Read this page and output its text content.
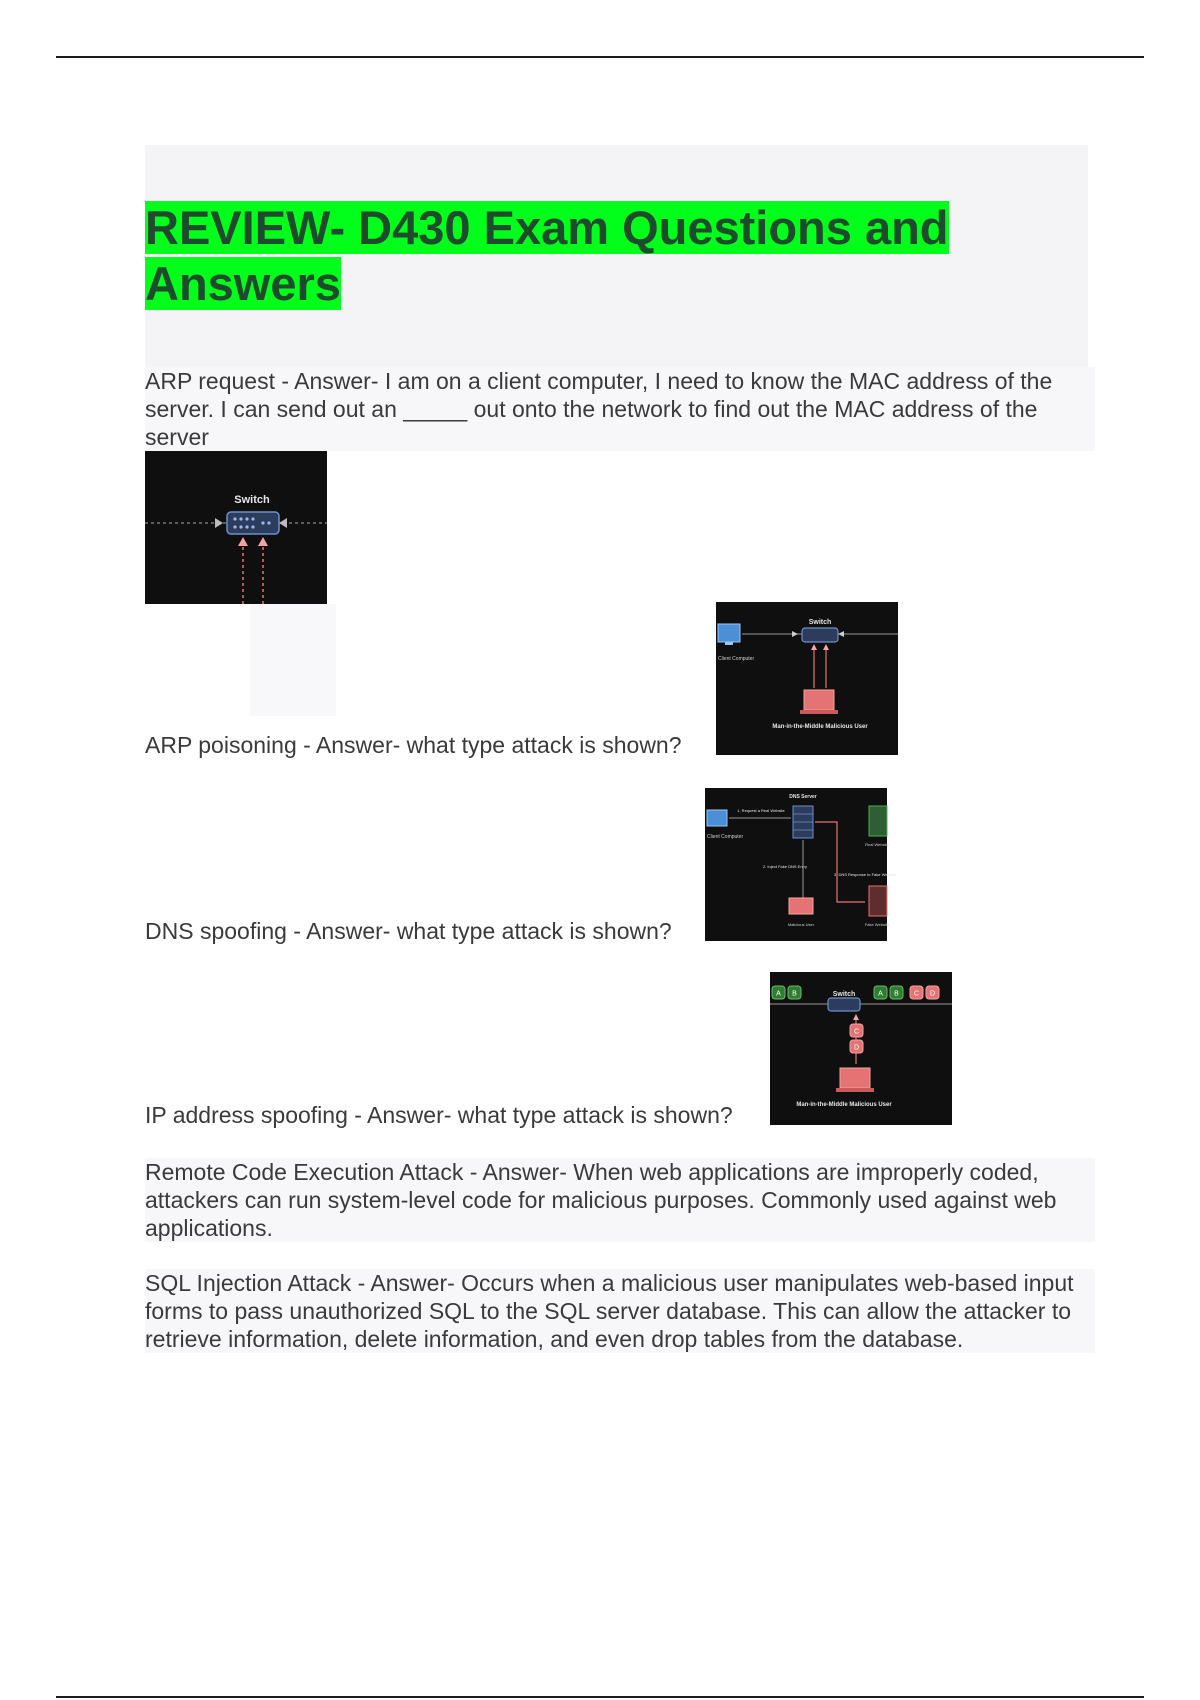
REVIEW- D430 Exam Questions and Answers

ARP request - Answer- I am on a client computer, I need to know the MAC address of the server. I can send out an _____ out onto the network to find out the MAC address of the server

Switch

ARP poisoning - Answer- what type attack is shown?

Client Computer
Switch
Man-in-the-Middle Malicious User

DNS spoofing - Answer- what type attack is shown?

Client Computer
DNS Server
1. Request a Real Website
2. Inject Fake DNS Entry
3. DNS Response to Fake Website
Real Website
Fake Website
Malicious User

IP address spoofing - Answer- what type attack is shown?

Switch
Man-in-the-Middle Malicious User
A B	A B C D
C
D

Remote Code Execution Attack - Answer- When web applications are improperly coded, attackers can run system-level code for malicious purposes. Commonly used against web applications.

SQL Injection Attack - Answer- Occurs when a malicious user manipulates web-based input forms to pass unauthorized SQL to the SQL server database. This can allow the attacker to retrieve information, delete information, and even drop tables from the database.
